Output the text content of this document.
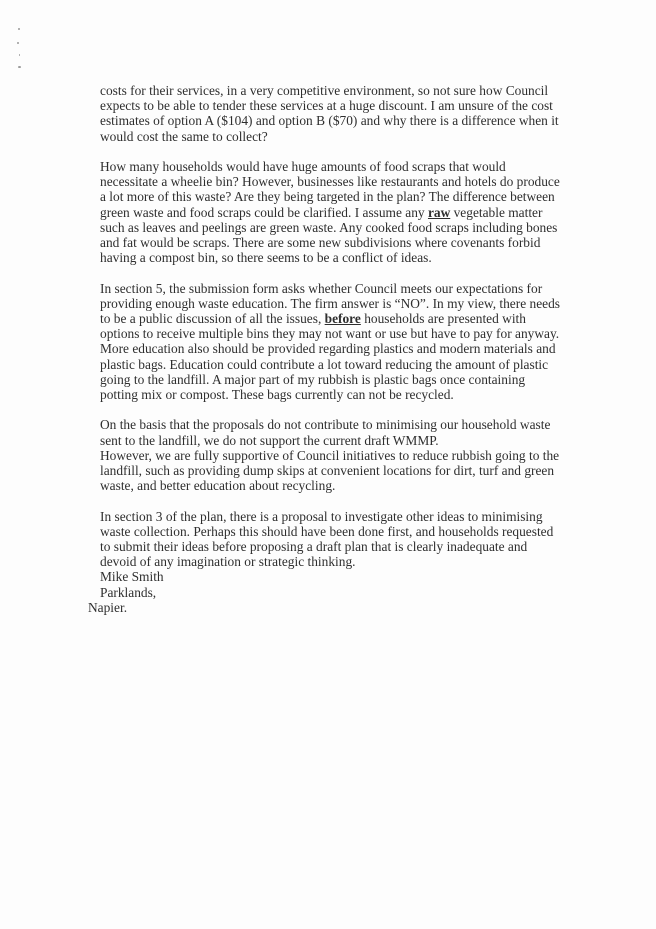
costs for their services, in a very competitive environment, so not sure how Council
expects to be able to tender these services at a huge discount. I am unsure of the cost
estimates of option A ($104) and option B ($70) and why there is a difference when it
would cost the same to collect?

How many households would have huge amounts of food scraps that would
necessitate a wheelie bin? However, businesses like restaurants and hotels do produce
a lot more of this waste? Are they being targeted in the plan? The difference between
green waste and food scraps could be clarified. I assume any raw vegetable matter
such as leaves and peelings are green waste. Any cooked food scraps including bones
and fat would be scraps. There are some new subdivisions where covenants forbid
having a compost bin, so there seems to be a conflict of ideas.

In section 5, the submission form asks whether Council meets our expectations for
providing enough waste education. The firm answer is “NO”. In my view, there needs
to be a public discussion of all the issues, before households are presented with
options to receive multiple bins they may not want or use but have to pay for anyway.
More education also should be provided regarding plastics and modern materials and
plastic bags. Education could contribute a lot toward reducing the amount of plastic
going to the landfill. A major part of my rubbish is plastic bags once containing
potting mix or compost. These bags currently can not be recycled.

On the basis that the proposals do not contribute to minimising our household waste
sent to the landfill, we do not support the current draft WMMP.
However, we are fully supportive of Council initiatives to reduce rubbish going to the
landfill, such as providing dump skips at convenient locations for dirt, turf and green
waste, and better education about recycling.

In section 3 of the plan, there is a proposal to investigate other ideas to minimising
waste collection. Perhaps this should have been done first, and households requested
to submit their ideas before proposing a draft plan that is clearly inadequate and
devoid of any imagination or strategic thinking.
Mike Smith
Parklands,
Napier.
